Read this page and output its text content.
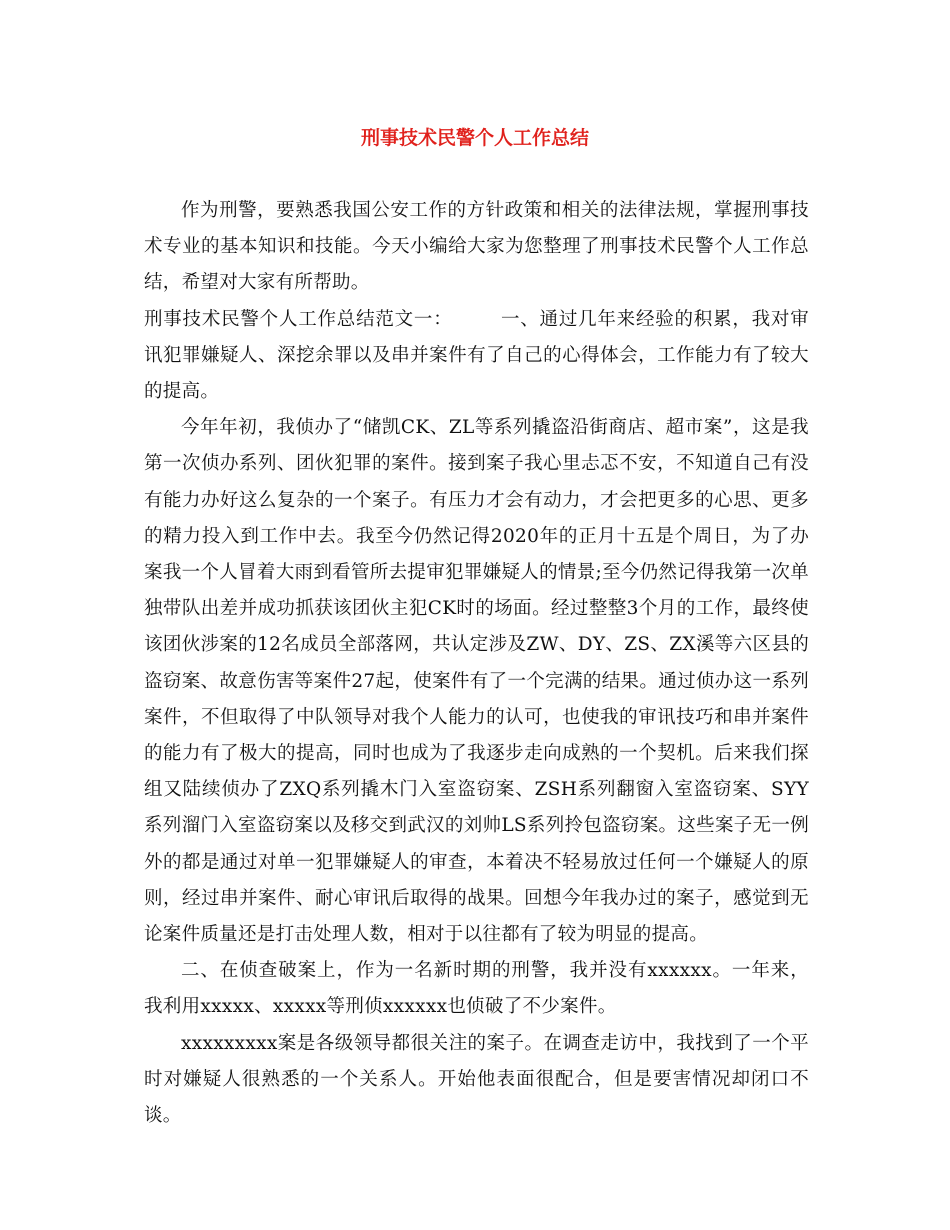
刑事技术民警个人工作总结

作为刑警，要熟悉我国公安工作的方针政策和相关的法律法规，掌握刑事技术专业的基本知识和技能。今天小编给大家为您整理了刑事技术民警个人工作总结，希望对大家有所帮助。

刑事技术民警个人工作总结范文一：	一、通过几年来经验的积累，我对审讯犯罪嫌疑人、深挖余罪以及串并案件有了自己的心得体会，工作能力有了较大的提高。

今年年初，我侦办了“储凯CK、ZL等系列撬盗沿街商店、超市案”，这是我第一次侦办系列、团伙犯罪的案件。接到案子我心里忐忑不安，不知道自己有没有能力办好这么复杂的一个案子。有压力才会有动力，才会把更多的心思、更多的精力投入到工作中去。我至今仍然记得2020年的正月十五是个周日，为了办案我一个人冒着大雨到看管所去提审犯罪嫌疑人的情景;至今仍然记得我第一次单独带队出差并成功抓获该团伙主犯CK时的场面。经过整整3个月的工作，最终使该团伙涉案的12名成员全部落网，共认定涉及ZW、DY、ZS、ZX溪等六区县的盗窃案、故意伤害等案件27起，使案件有了一个完满的结果。通过侦办这一系列案件，不但取得了中队领导对我个人能力的认可，也使我的审讯技巧和串并案件的能力有了极大的提高，同时也成为了我逐步走向成熟的一个契机。后来我们探组又陆续侦办了ZXQ系列撬木门入室盗窃案、ZSH系列翻窗入室盗窃案、SYY系列溜门入室盗窃案以及移交到武汉的刘帅LS系列拎包盗窃案。这些案子无一例外的都是通过对单一犯罪嫌疑人的审查，本着决不轻易放过任何一个嫌疑人的原则，经过串并案件、耐心审讯后取得的战果。回想今年我办过的案子，感觉到无论案件质量还是打击处理人数，相对于以往都有了较为明显的提高。

二、在侦查破案上，作为一名新时期的刑警，我并没有xxxxxx。一年来，我利用xxxxx、xxxxx等刑侦xxxxxx也侦破了不少案件。

xxxxxxxxx案是各级领导都很关注的案子。在调查走访中，我找到了一个平时对嫌疑人很熟悉的一个关系人。开始他表面很配合，但是要害情况却闭口不谈。
